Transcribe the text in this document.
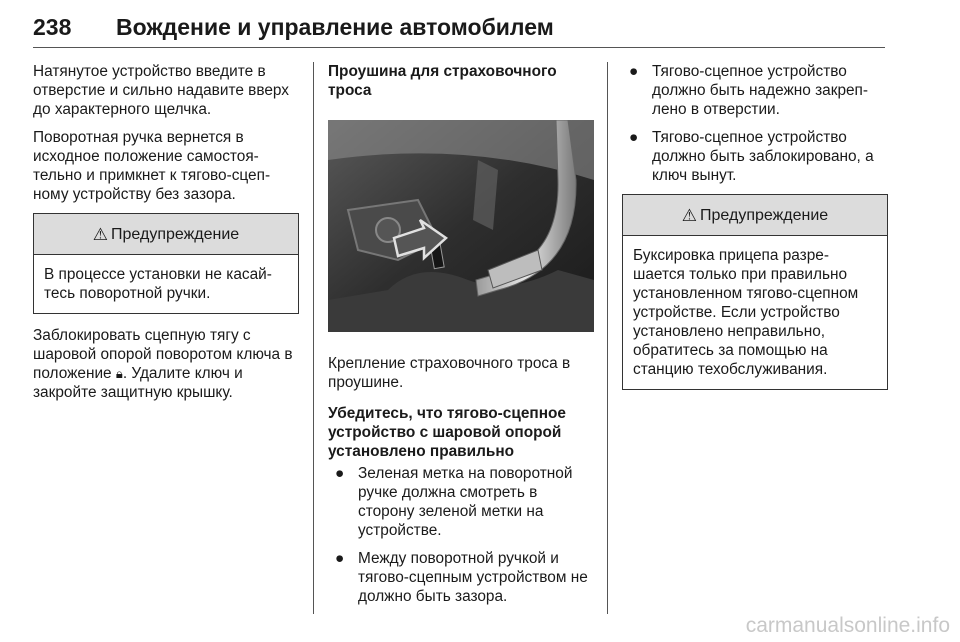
238 Вождение и управление автомобилем

Натянутое устройство введите в отверстие и сильно надавите вверх до характерного щелчка.

Поворотная ручка вернется в исходное положение самостоя-тельно и примкнет к тягово-сцеп-ному устройству без зазора.

⚠ Предупреждение
В процессе установки не касай-тесь поворотной ручки.

Заблокировать сцепную тягу с шаровой опорой поворотом ключа в положение 🔒︎. Удалите ключ и закройте защитную крышку.

Проушина для страховочного троса

Крепление страховочного троса в проушине.

Убедитесь, что тягово-сцепное устройство с шаровой опорой установлено правильно
● Зеленая метка на поворотной ручке должна смотреть в сторону зеленой метки на устройстве.
● Между поворотной ручкой и тягово-сцепным устройством не должно быть зазора.
● Тягово-сцепное устройство должно быть надежно закреп-лено в отверстии.
● Тягово-сцепное устройство должно быть заблокировано, а ключ вынут.
⚠ Предупреждение
Буксировка прицепа разре-шается только при правильно установленном тягово-сцепном устройстве. Если устройство установлено неправильно, обратитесь за помощью на станцию техобслуживания.
carmanualsonline.info
